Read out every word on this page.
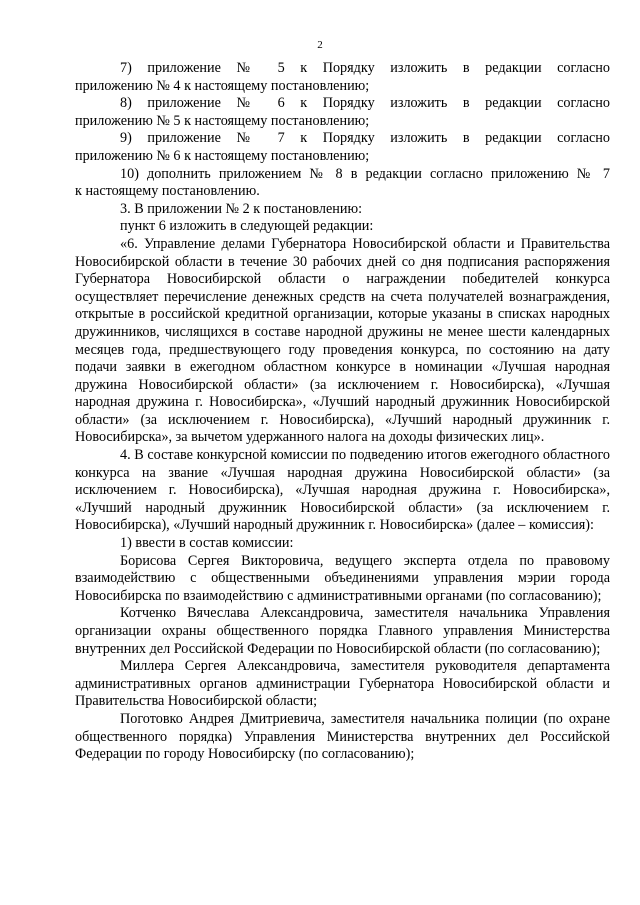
2

7) приложение № 5 к Порядку изложить в редакции согласно
приложению № 4 к настоящему постановлению;

8) приложение № 6 к Порядку изложить в редакции согласно
приложению № 5 к настоящему постановлению;

9) приложение № 7 к Порядку изложить в редакции согласно
приложению № 6 к настоящему постановлению;

10) дополнить приложением № 8 в редакции согласно приложению № 7
к настоящему постановлению.

3. В приложении № 2 к постановлению:

пункт 6 изложить в следующей редакции:

«6. Управление делами Губернатора Новосибирской области и Правительства Новосибирской области в течение 30 рабочих дней со дня подписания распоряжения Губернатора Новосибирской области о награждении победителей конкурса осуществляет перечисление денежных средств на счета получателей вознаграждения, открытые в российской кредитной организации, которые указаны в списках народных дружинников, числящихся в составе народной дружины не менее шести календарных месяцев года, предшествующего году проведения конкурса, по состоянию на дату подачи заявки в ежегодном областном конкурсе в номинации «Лучшая народная дружина Новосибирской области» (за исключением г. Новосибирска), «Лучшая народная дружина г. Новосибирска», «Лучший народный дружинник Новосибирской области» (за исключением г. Новосибирска), «Лучший народный дружинник г. Новосибирска», за вычетом удержанного налога на доходы физических лиц».

4. В составе конкурсной комиссии по подведению итогов ежегодного областного конкурса на звание «Лучшая народная дружина Новосибирской области» (за исключением г. Новосибирска), «Лучшая народная дружина г. Новосибирска», «Лучший народный дружинник Новосибирской области» (за исключением г. Новосибирска), «Лучший народный дружинник г. Новосибирска» (далее – комиссия):

1) ввести в состав комиссии:

Борисова Сергея Викторовича, ведущего эксперта отдела по правовому взаимодействию с общественными объединениями управления мэрии города Новосибирска по взаимодействию с административными органами (по согласованию);

Котченко Вячеслава Александровича, заместителя начальника Управления организации охраны общественного порядка Главного управления Министерства внутренних дел Российской Федерации по Новосибирской области (по согласованию);

Миллера Сергея Александровича, заместителя руководителя департамента административных органов администрации Губернатора Новосибирской области и Правительства Новосибирской области;

Поготовко Андрея Дмитриевича, заместителя начальника полиции (по охране общественного порядка) Управления Министерства внутренних дел Российской Федерации по городу Новосибирску (по согласованию);
